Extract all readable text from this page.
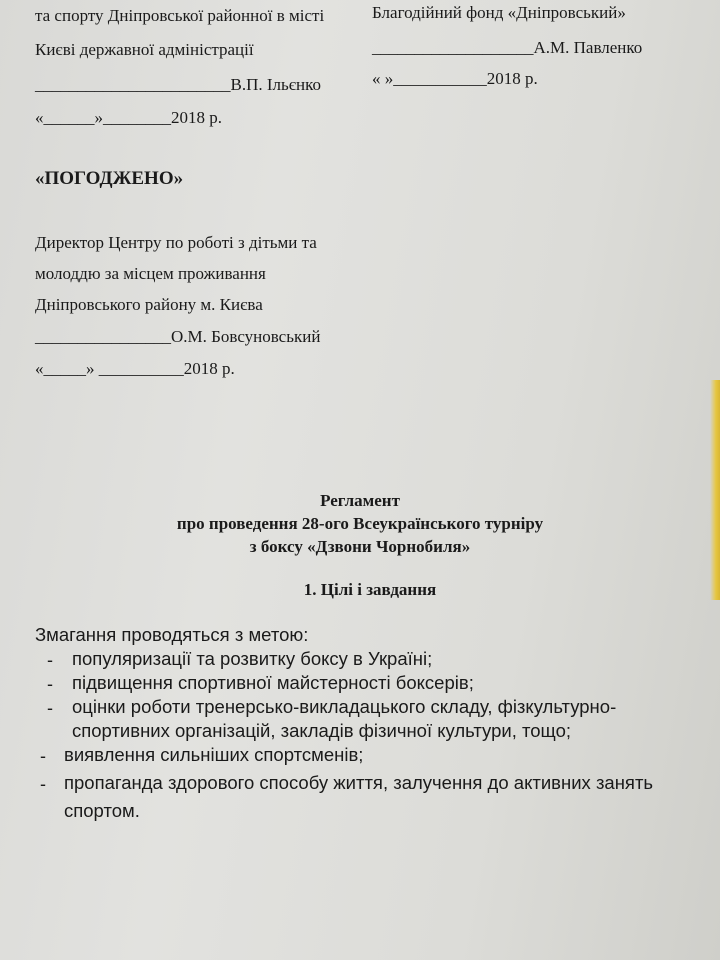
та спорту Дніпровської районної в місті
Києві державної адміністрації
_______________________В.П. Ільєнко
«______»________2018 р.
Благодійний фонд «Дніпровський»
___________________А.М. Павленко
« »___________2018 р.
«ПОГОДЖЕНО»
Директор Центру по роботі з дітьми та
молоддю за місцем проживання
Дніпровського району м. Києва
________________О.М. Бовсуновський
«_____» __________2018 р.
Регламент
про проведення 28-ого Всеукраїнського турніру
з боксу «Дзвони Чорнобиля»
1. Цілі і завдання
Змагання проводяться з метою:
- популяризації та розвитку боксу в Україні;
- підвищення спортивної майстерності боксерів;
- оцінки роботи тренерсько-викладацького складу, фізкультурно-
спортивних організацій, закладів фізичної культури, тощо;
- виявлення сильніших спортсменів;
- пропаганда здорового способу життя, залучення до активних занять
спортом.
